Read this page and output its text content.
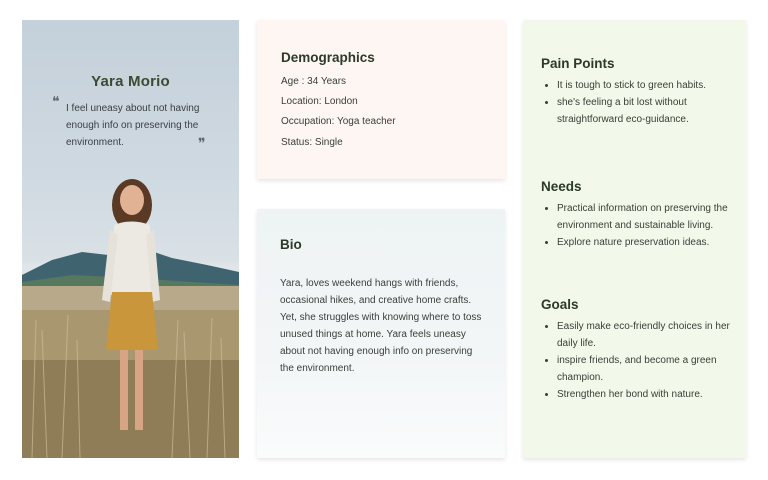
Yara Morio
❝ I feel uneasy about not having enough info on preserving the environment.	❞

Demographics

Age : 34 Years
Location: London
Occupation: Yoga teacher
Status: Single

Bio

Yara, loves weekend hangs with friends, occasional hikes, and creative home crafts. Yet, she struggles with knowing where to toss unused things at home. Yara feels uneasy about not having enough info on preserving the environment.

Pain Points

It is tough to stick to green habits.
she's feeling a bit lost without straightforward eco-guidance.

Needs

Practical information on preserving the environment and sustainable living.
Explore nature preservation ideas.

Goals

Easily make eco-friendly choices in her daily life.
inspire friends, and become a green champion.
Strengthen her bond with nature.
